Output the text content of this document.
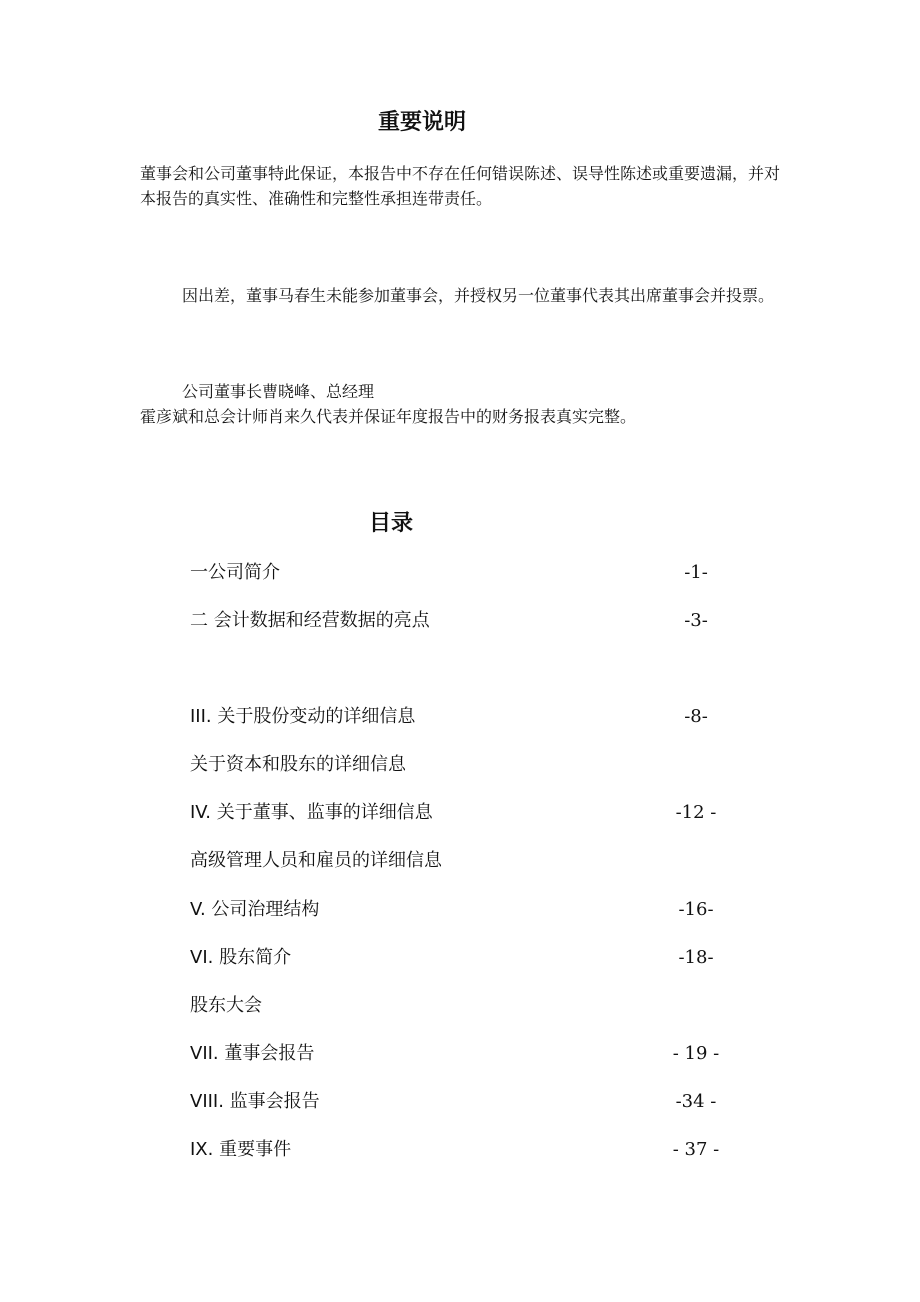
重要说明
董事会和公司董事特此保证，本报告中不存在任何错误陈述、误导性陈述或重要遗漏，并对本报告的真实性、准确性和完整性承担连带责任。
因出差，董事马春生未能参加董事会，并授权另一位董事代表其出席董事会并投票。
公司董事长曹晓峰、总经理
霍彦斌和总会计师肖来久代表并保证年度报告中的财务报表真实完整。
目录
一公司简介	-1-
二 会计数据和经营数据的亮点	-3-
III. 关于股份变动的详细信息	-8-
关于资本和股东的详细信息
IV. 关于董事、监事的详细信息	-12 -
高级管理人员和雇员的详细信息
V. 公司治理结构	-16-
VI. 股东简介	-18-
股东大会
VII. 董事会报告	- 19 -
VIII. 监事会报告	-34 -
IX. 重要事件	- 37 -
